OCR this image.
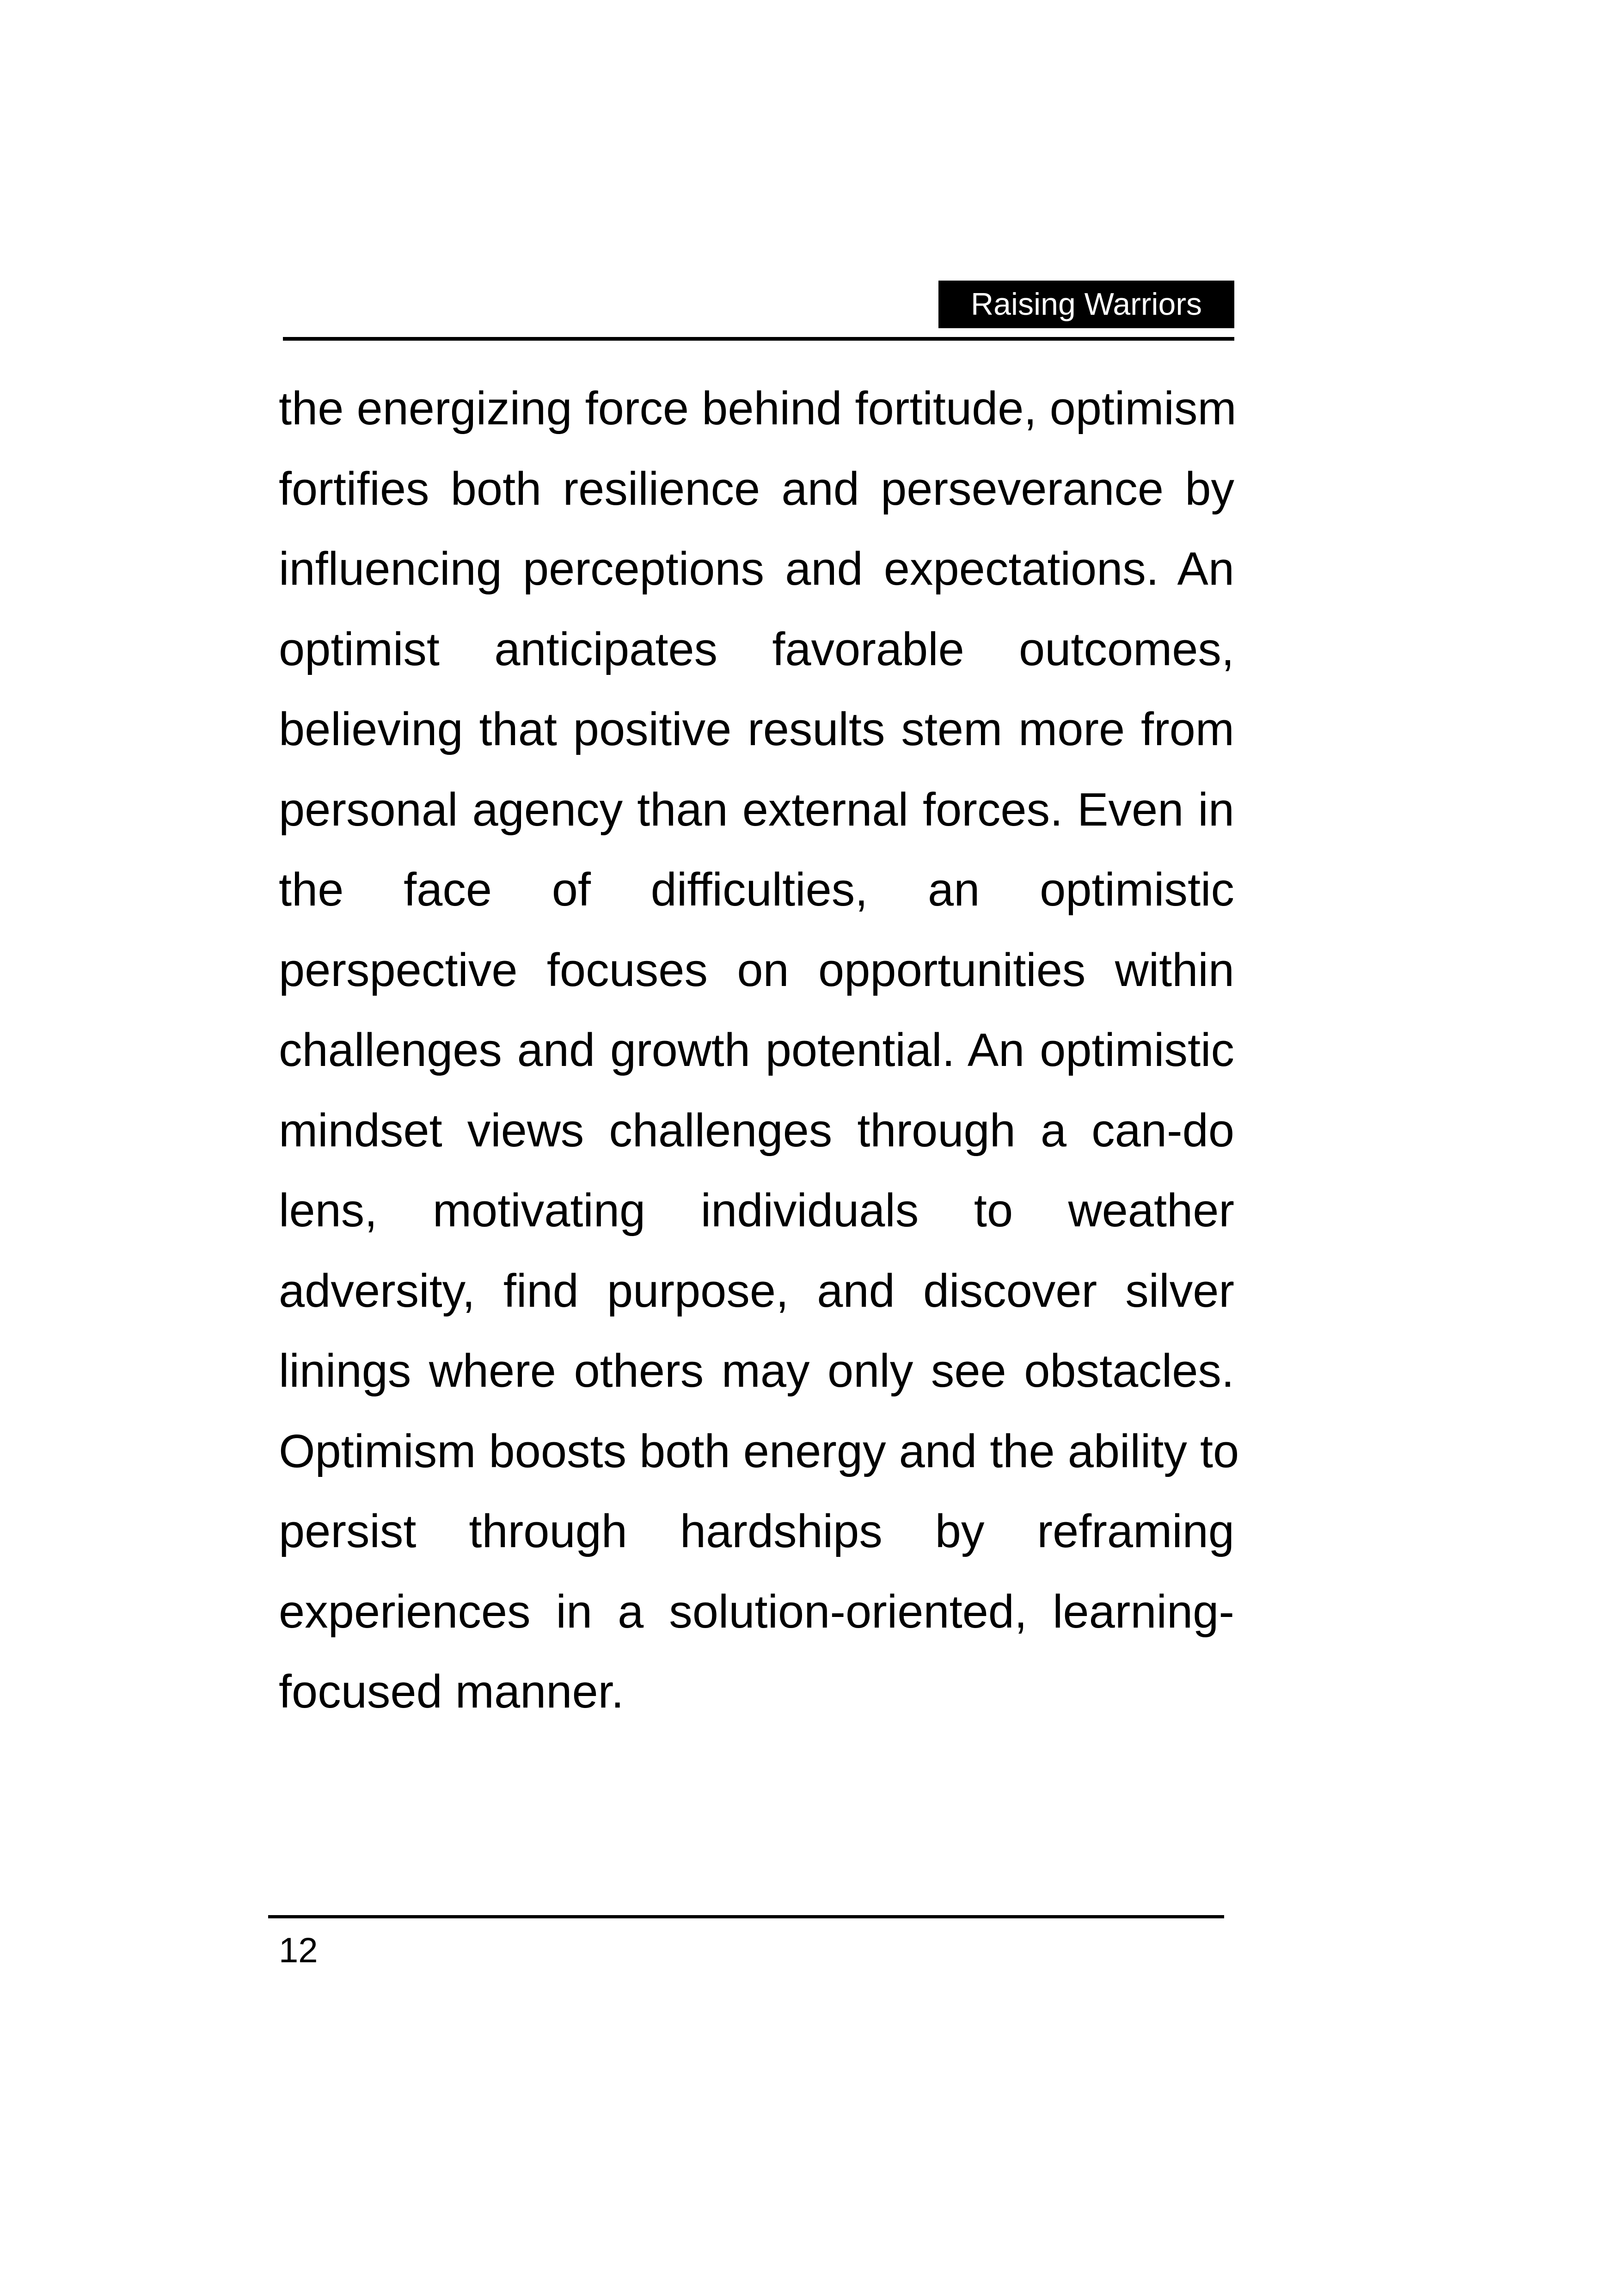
Raising Warriors
the energizing force behind fortitude, optimism
fortifies both resilience and perseverance by
influencing perceptions and expectations. An
optimist anticipates favorable outcomes,
believing that positive results stem more from
personal agency than external forces. Even in
the face of difficulties, an optimistic
perspective focuses on opportunities within
challenges and growth potential. An optimistic
mindset views challenges through a can-do
lens, motivating individuals to weather
adversity, find purpose, and discover silver
linings where others may only see obstacles.
Optimism boosts both energy and the ability to
persist through hardships by reframing
experiences in a solution-oriented, learning-
focused manner.
12
